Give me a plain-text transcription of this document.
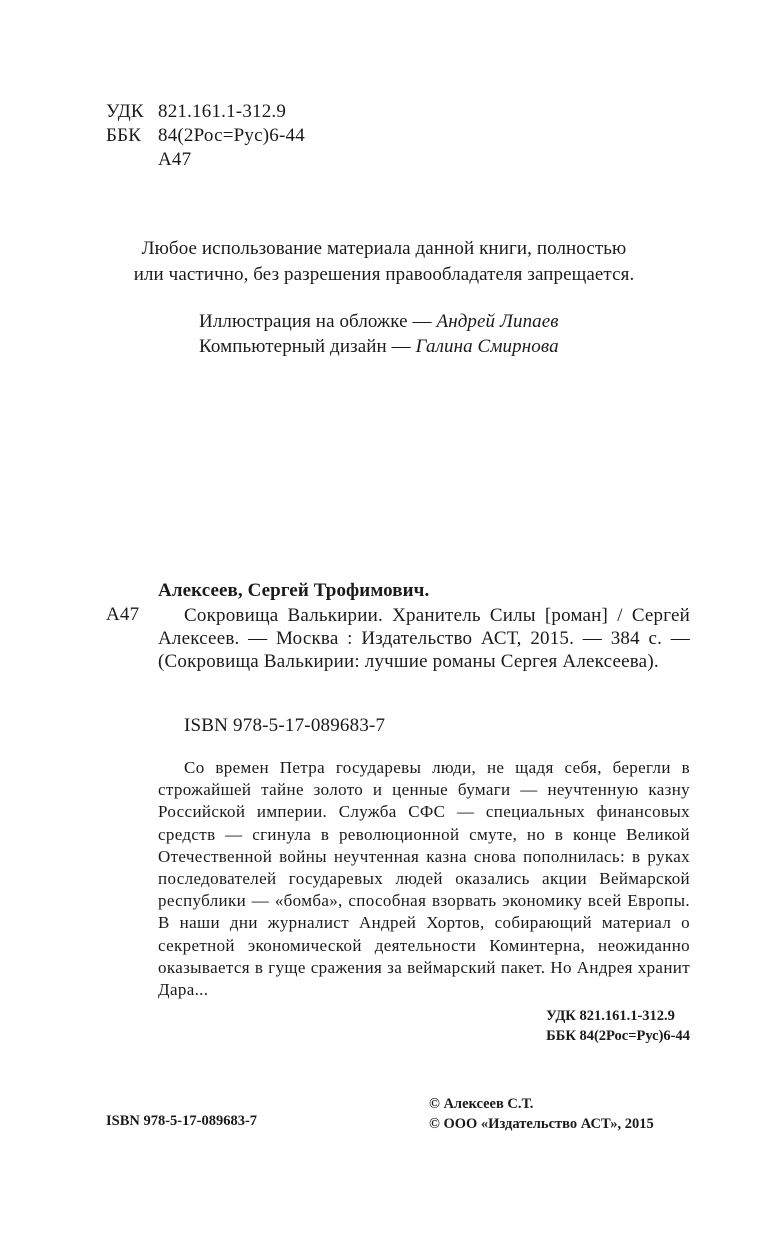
УДК 821.161.1-312.9
ББК 84(2Рос=Рус)6-44
А47
Любое использование материала данной книги, полностью
или частично, без разрешения правообладателя запрещается.
Иллюстрация на обложке — Андрей Липаев
Компьютерный дизайн — Галина Смирнова
Алексеев, Сергей Трофимович.
А47	Сокровища Валькирии. Хранитель Силы [роман] / Сергей Алексеев. — Москва : Издательство АСТ, 2015. — 384 с. — (Сокровища Валькирии: лучшие романы Сергея Алексеева).
ISBN 978-5-17-089683-7
Со времен Петра государевы люди, не щадя себя, берегли в строжайшей тайне золото и ценные бумаги — неучтенную казну Российской империи. Служба СФС — специальных финансовых средств — сгинула в революционной смуте, но в конце Великой Отечественной войны неучтенная казна снова пополнилась: в руках последователей государевых людей оказались акции Веймарской республики — «бомба», способная взорвать экономику всей Европы. В наши дни журналист Андрей Хортов, собирающий материал о секретной экономической деятельности Коминтерна, неожиданно оказывается в гуще сражения за веймарский пакет. Но Андрея хранит Дара...
УДК 821.161.1-312.9
ББК 84(2Рос=Рус)6-44
ISBN 978-5-17-089683-7
© Алексеев С.Т.
© ООО «Издательство АСТ», 2015
